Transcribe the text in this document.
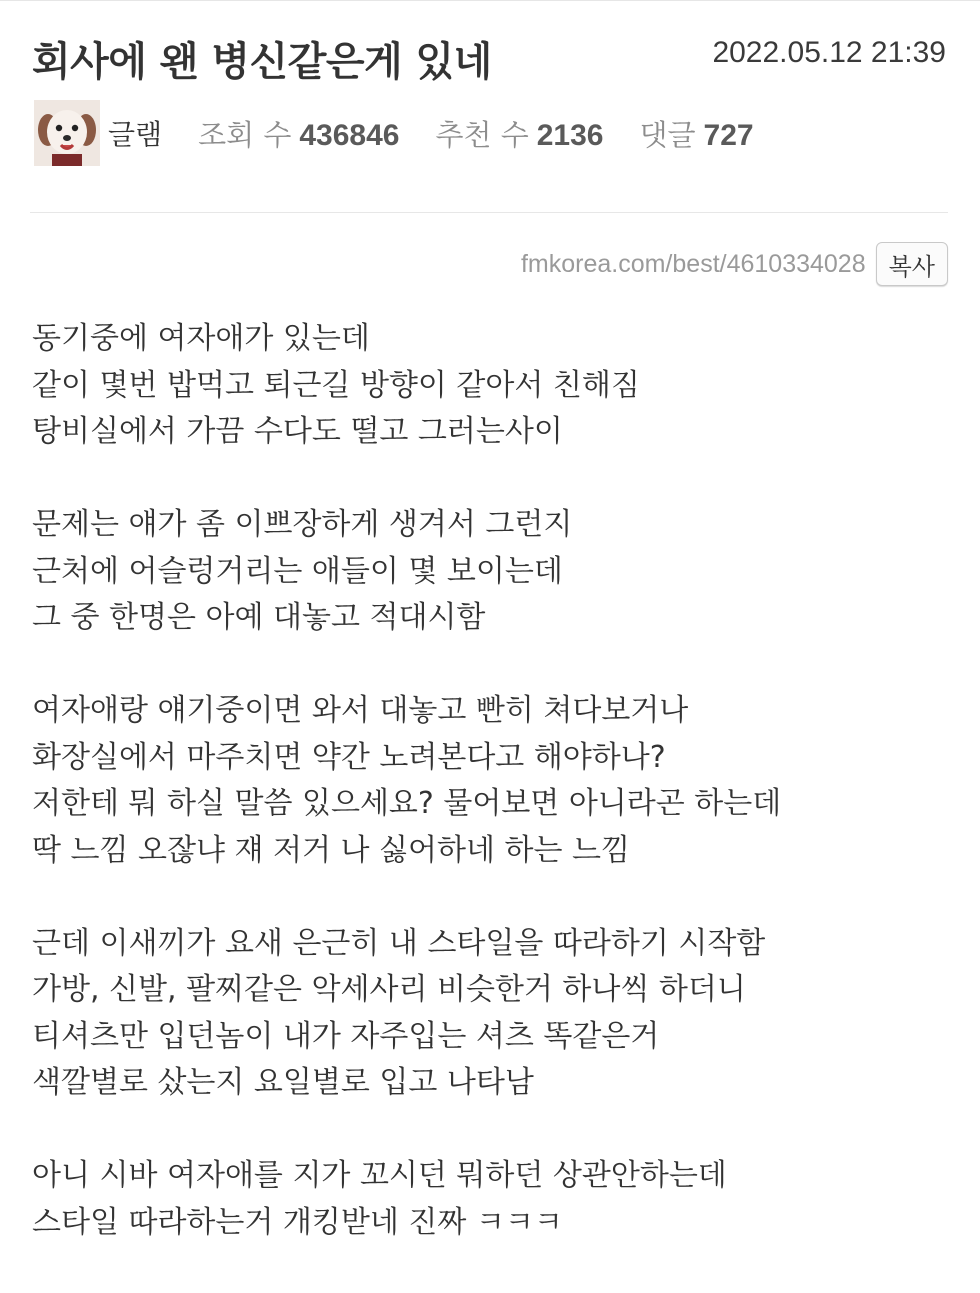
회사에 왠 병신같은게 있네	2022.05.12 21:39
글램 조회 수 436846 추천 수 2136 댓글 727
fmkorea.com/best/4610334028 복사
동기중에 여자애가 있는데
같이 몇번 밥먹고 퇴근길 방향이 같아서 친해짐
탕비실에서 가끔 수다도 떨고 그러는사이
문제는 얘가 좀 이쁘장하게 생겨서 그런지
근처에 어슬렁거리는 애들이 몇 보이는데
그 중 한명은 아예 대놓고 적대시함
여자애랑 얘기중이면 와서 대놓고 빤히 쳐다보거나
화장실에서 마주치면 약간 노려본다고 해야하나?
저한테 뭐 하실 말씀 있으세요? 물어보면 아니라곤 하는데
딱 느낌 오잖냐 쟤 저거 나 싫어하네 하는 느낌
근데 이새끼가 요새 은근히 내 스타일을 따라하기 시작함
가방, 신발, 팔찌같은 악세사리 비슷한거 하나씩 하더니
티셔츠만 입던놈이 내가 자주입는 셔츠 똑같은거
색깔별로 샀는지 요일별로 입고 나타남
아니 시바 여자애를 지가 꼬시던 뭐하던 상관안하는데
스타일 따라하는거 개킹받네 진짜 ㅋㅋㅋ
